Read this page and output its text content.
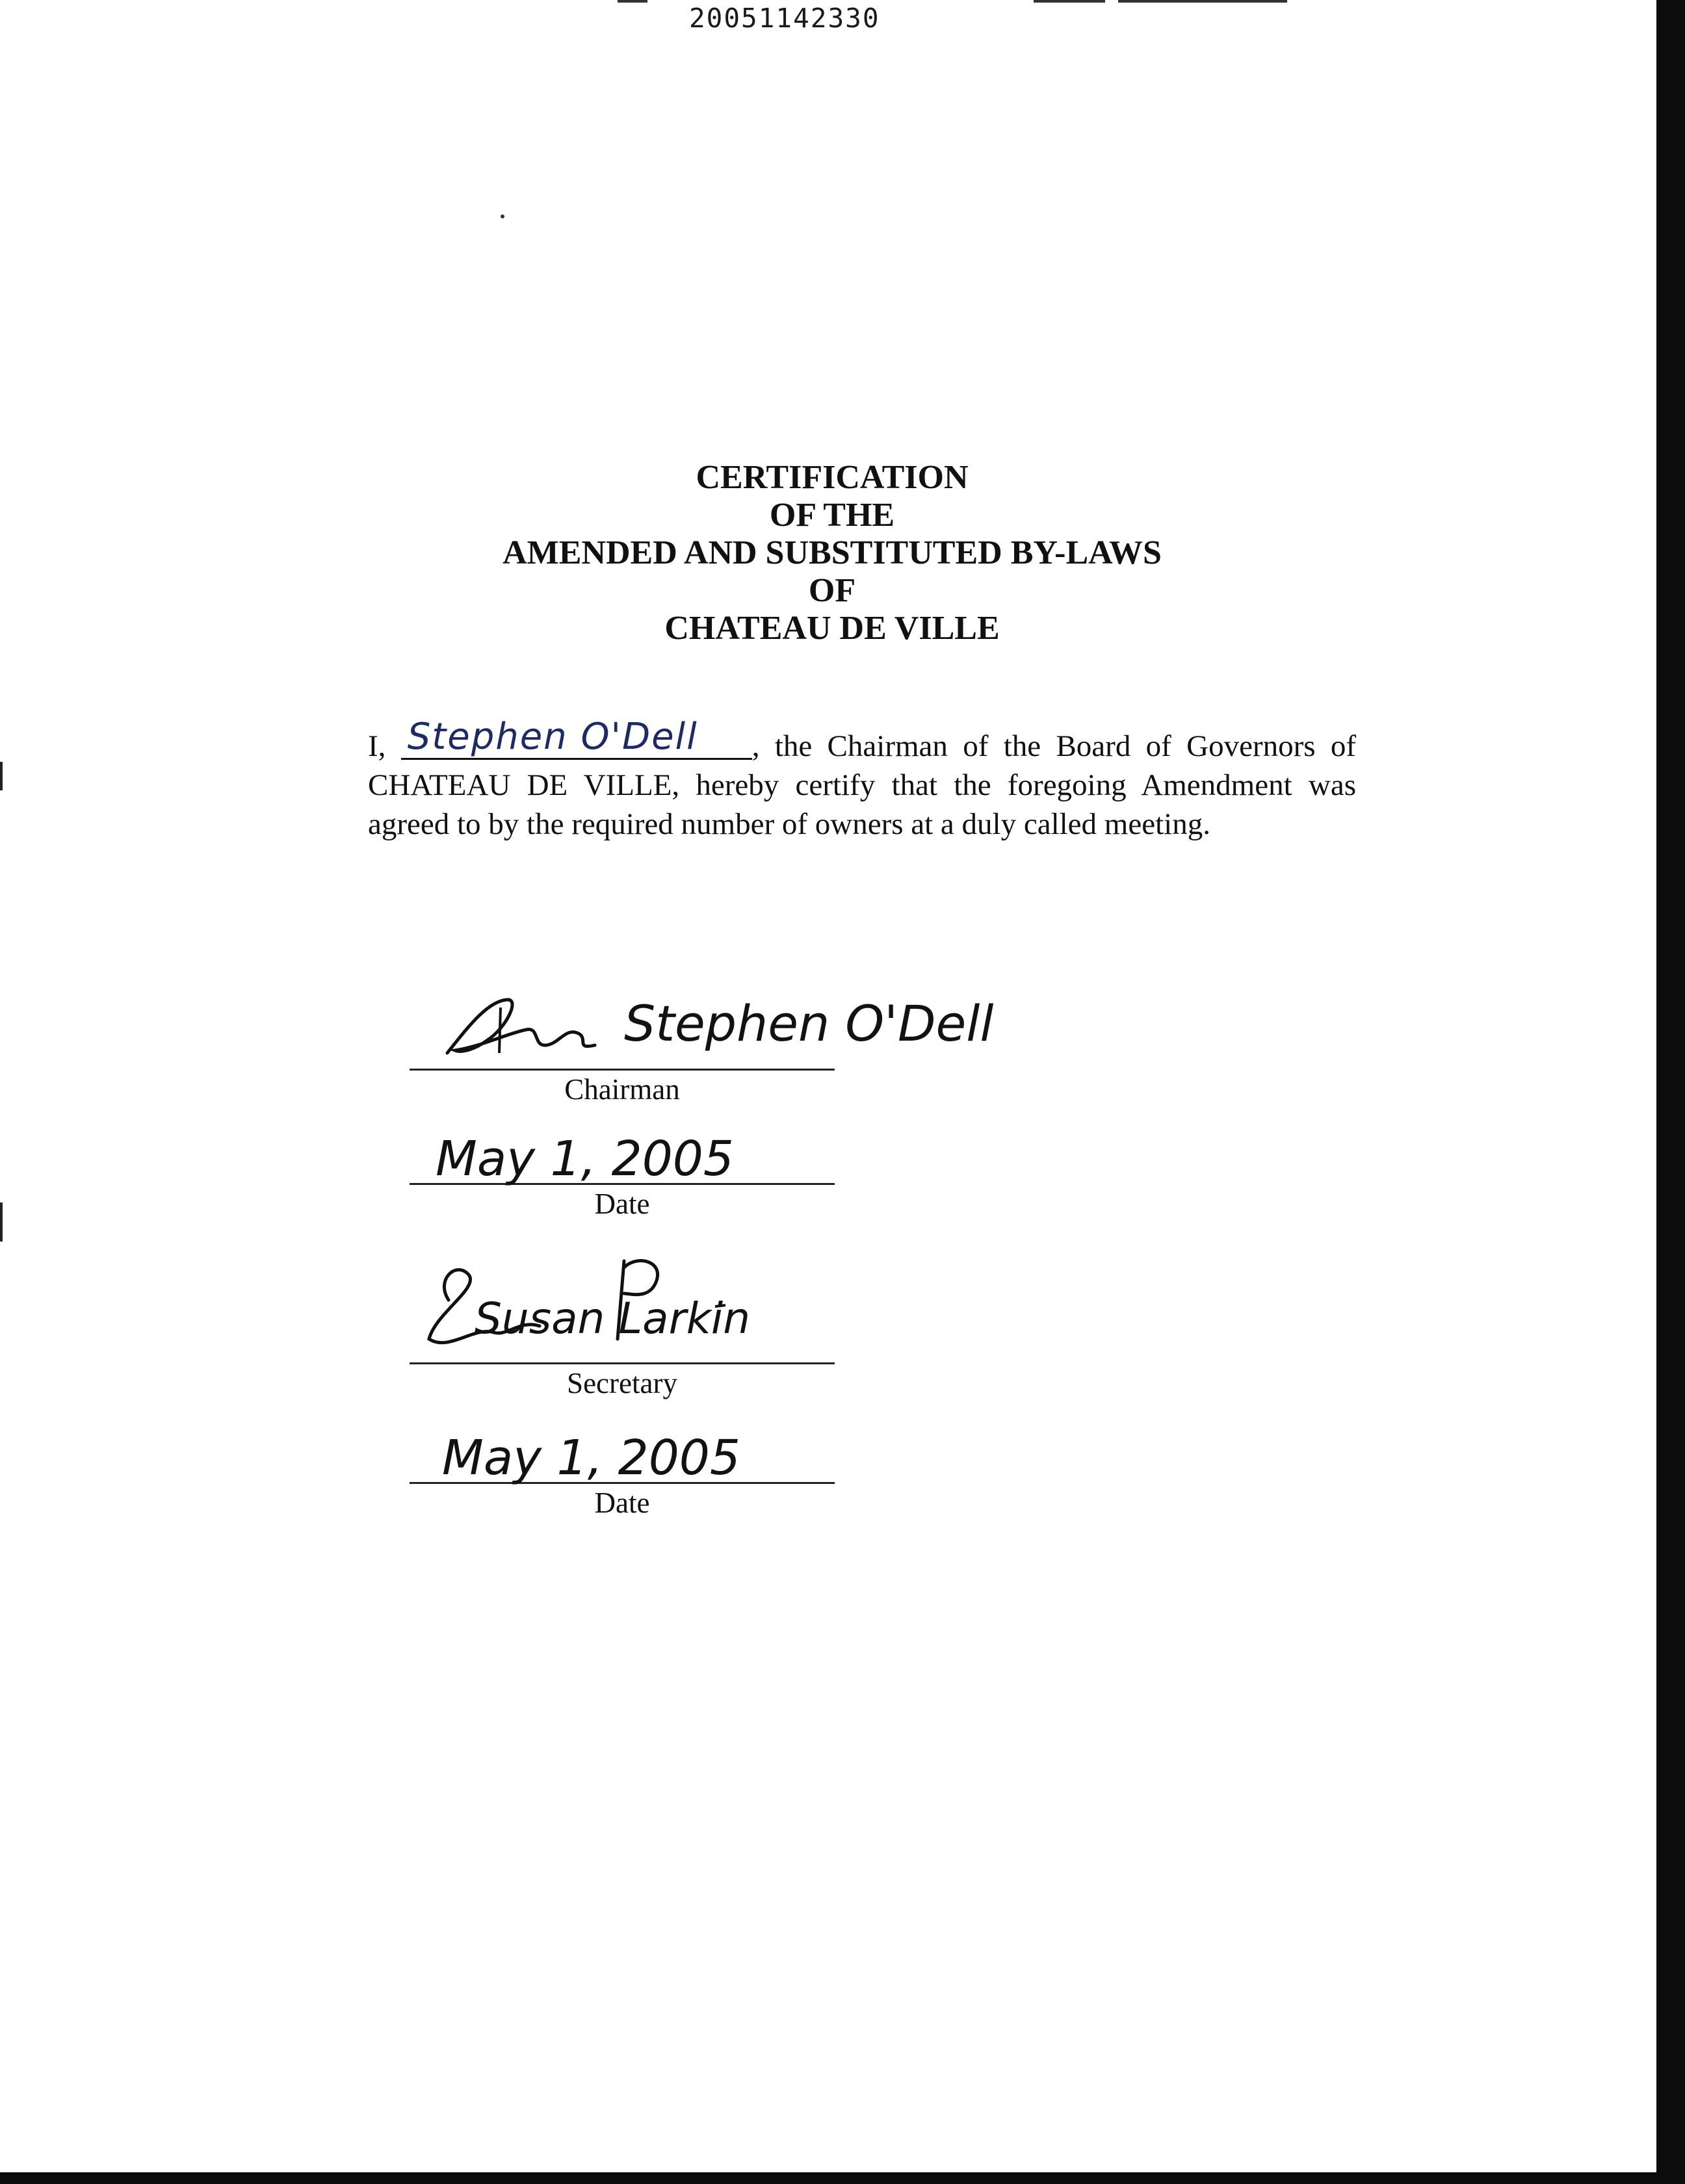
20051142330
CERTIFICATION
OF THE
AMENDED AND SUBSTITUTED BY-LAWS
OF
CHATEAU DE VILLE
I, Stephen O'Dell , the Chairman of the Board of Governors of CHATEAU DE VILLE, hereby certify that the foregoing Amendment was agreed to by the required number of owners at a duly called meeting.
Stephen O'Dell
Chairman
May 1, 2005
Date
Susan Larkin
Secretary
May 1, 2005
Date
